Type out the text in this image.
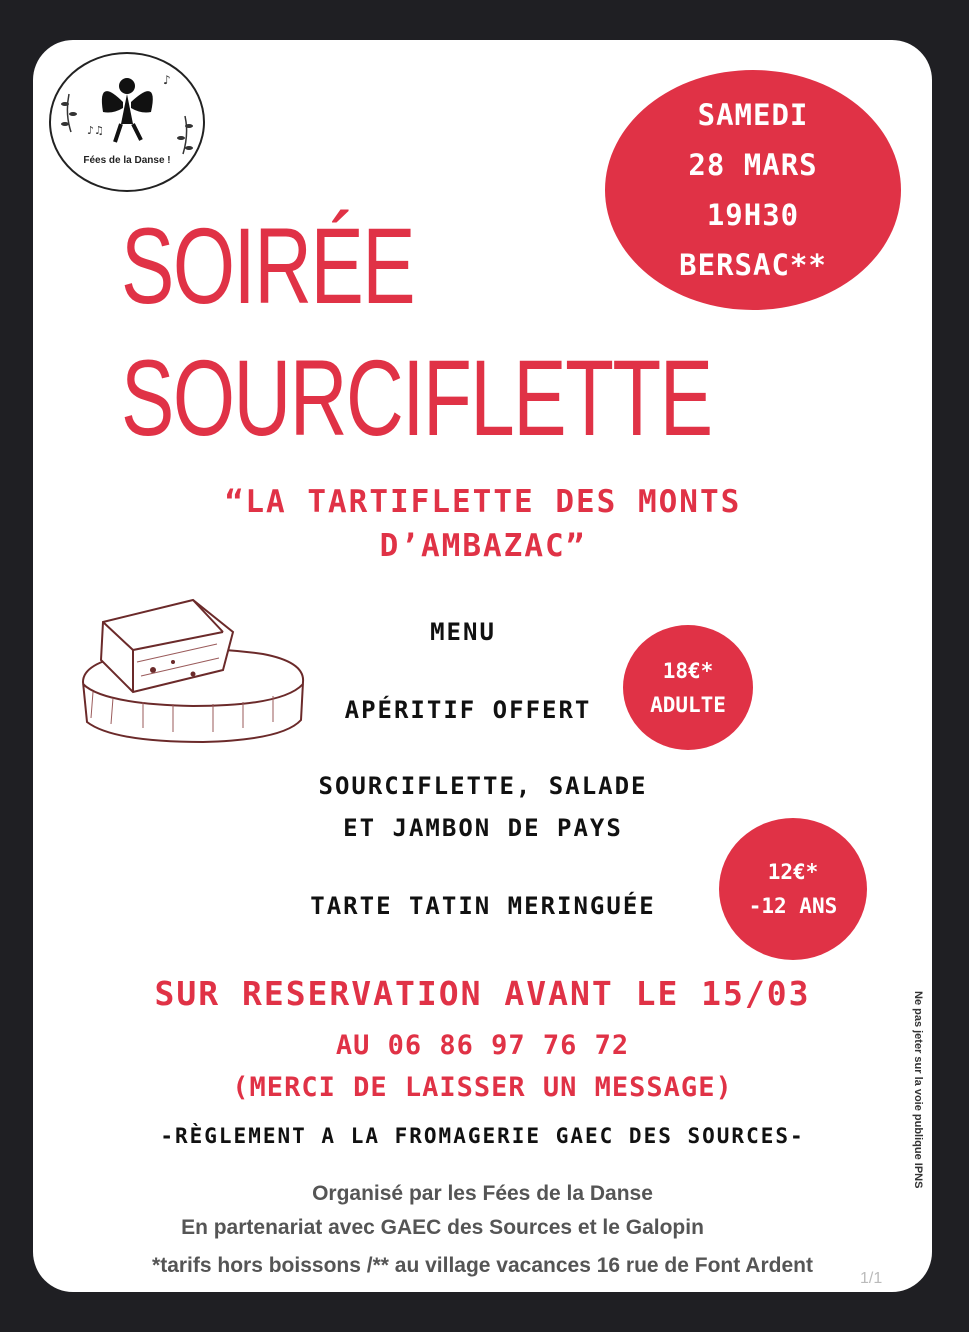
♪♫
♪
Fées de la Danse !
SAMEDI
28 MARS
19H30
BERSAC**
SOIRÉE
SOURCIFLETTE
“LA TARTIFLETTE DES MONTS
D’AMBAZAC”
MENU
APÉRITIF OFFERT
SOURCIFLETTE, SALADE
ET JAMBON DE PAYS
TARTE TATIN MERINGUÉE
18€*
ADULTE
12€*
-12 ANS
SUR RESERVATION AVANT LE 15/03
AU 06 86 97 76 72
(MERCI DE LAISSER UN MESSAGE)
-RÈGLEMENT A LA FROMAGERIE GAEC DES SOURCES-
Organisé par les Fées de la Danse
En partenariat avec GAEC des Sources et le Galopin
*tarifs hors boissons /** au village vacances 16 rue de Font Ardent
Ne pas jeter sur la voie publique IPNS
1/1
